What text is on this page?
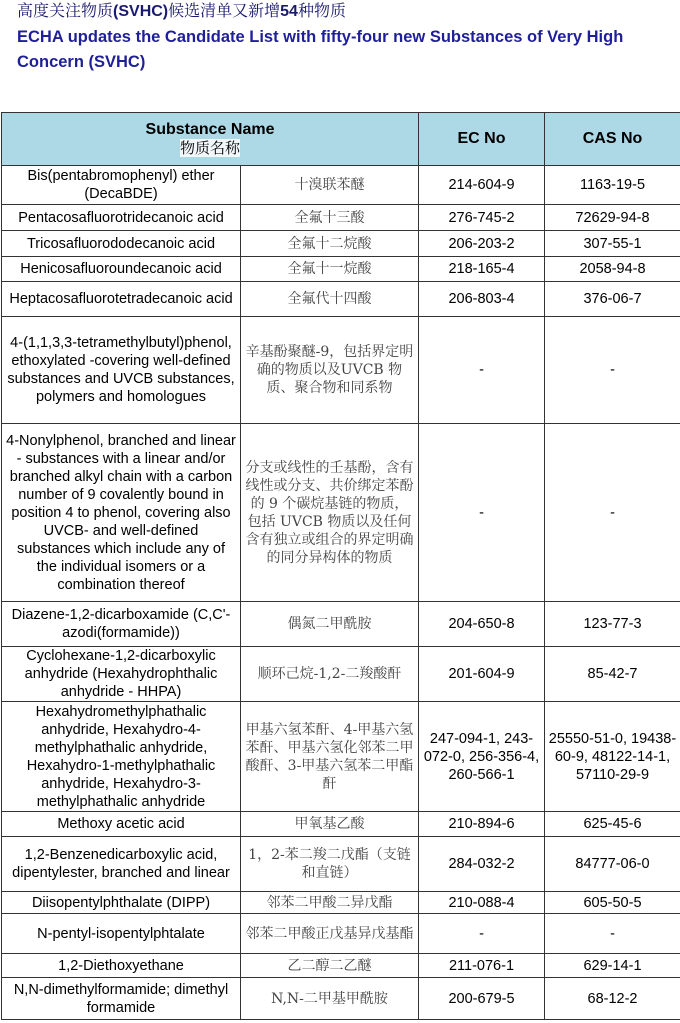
高度关注物质(SVHC)候选清单又新增54种物质
ECHA updates the Candidate List with fifty-four new Substances of Very High Concern (SVHC)
Substance Name
物质名称		EC No	CAS No
Bis(pentabromophenyl) ether (DecaBDE)	十溴联苯醚	214-604-9	1163-19-5
Pentacosafluorotridecanoic acid	全氟十三酸	276-745-2	72629-94-8
Tricosafluorododecanoic acid	全氟十二烷酸	206-203-2	307-55-1
Henicosafluoroundecanoic acid	全氟十一烷酸	218-165-4	2058-94-8
Heptacosafluorotetradecanoic acid	全氟代十四酸	206-803-4	376-06-7
4-(1,1,3,3-tetramethylbutyl)phenol, ethoxylated -covering well-defined substances and UVCB substances, polymers and homologues	辛基酚聚醚-9，包括界定明确的物质以及UVCB 物质、聚合物和同系物	-	-
4-Nonylphenol, branched and linear - substances with a linear and/or branched alkyl chain with a carbon number of 9 covalently bound in position 4 to phenol, covering also UVCB- and well-defined substances which include any of the individual isomers or a combination thereof	分支或线性的壬基酚，含有线性或分支、共价绑定苯酚的 9 个碳烷基链的物质，包括 UVCB 物质以及任何含有独立或组合的界定明确的同分异构体的物质	-	-
Diazene-1,2-dicarboxamide (C,C'-azodi(formamide))	偶氮二甲酰胺	204-650-8	123-77-3
Cyclohexane-1,2-dicarboxylic anhydride (Hexahydrophthalic anhydride - HHPA)	顺环己烷-1,2-二羧酸酐	201-604-9	85-42-7
Hexahydromethylphathalic anhydride, Hexahydro-4-methylphathalic anhydride, Hexahydro-1-methylphathalic anhydride, Hexahydro-3-methylphathalic anhydride	甲基六氢苯酐、4-甲基六氢苯酐、甲基六氢化邻苯二甲酸酐、3-甲基六氢苯二甲酯酐	247-094-1, 243-072-0, 256-356-4, 260-566-1	25550-51-0, 19438-60-9, 48122-14-1, 57110-29-9
Methoxy acetic acid	甲氧基乙酸	210-894-6	625-45-6
1,2-Benzenedicarboxylic acid, dipentylester, branched and linear	1，2-苯二羧二戊酯（支链和直链）	284-032-2	84777-06-0
Diisopentylphthalate (DIPP)	邻苯二甲酸二异戊酯	210-088-4	605-50-5
N-pentyl-isopentylphtalate	邻苯二甲酸正戊基异戊基酯	-	-
1,2-Diethoxyethane	乙二醇二乙醚	211-076-1	629-14-1
N,N-dimethylformamide; dimethyl formamide	N,N-二甲基甲酰胺	200-679-5	68-12-2
